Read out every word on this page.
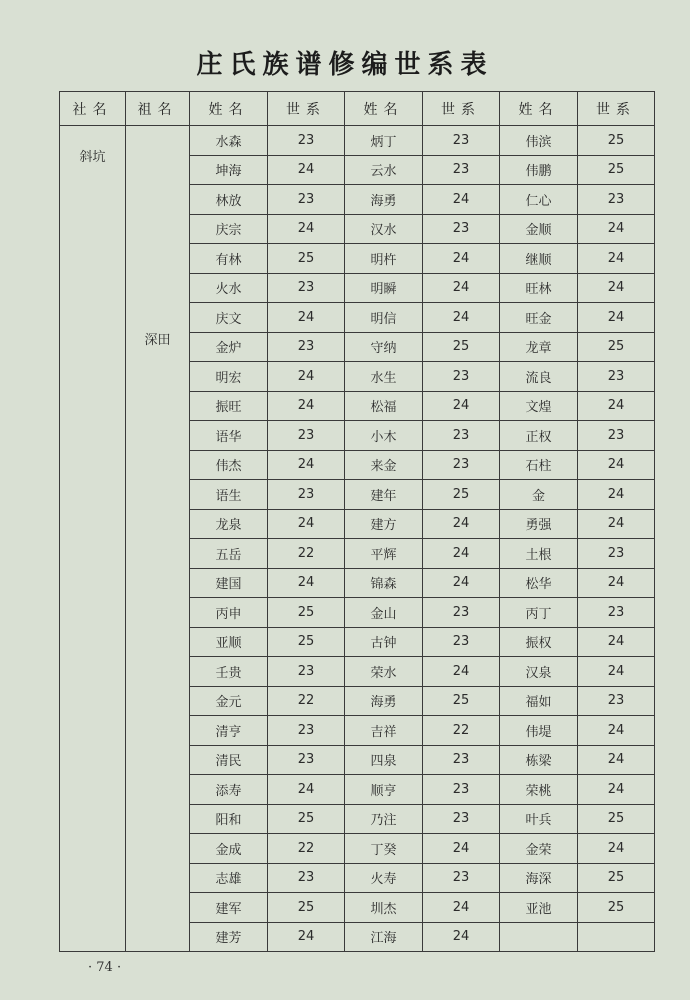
庄氏族谱修编世系表
社名	祖名	姓名	世系	姓名	世系	姓名	世系
斜坑	深田	水森	23	炳丁	23	伟滨	25
		坤海	24	云水	23	伟鹏	25
		林放	23	海勇	24	仁心	23
		庆宗	24	汉水	23	金顺	24
		有林	25	明杵	24	继顺	24
		火水	23	明瞬	24	旺林	24
		庆文	24	明信	24	旺金	24
		金炉	23	守纳	25	龙章	25
		明宏	24	水生	23	流良	23
		振旺	24	松福	24	文煌	24
		语华	23	小木	23	正权	23
		伟杰	24	来金	23	石柱	24
		语生	23	建年	25	金	24
		龙泉	24	建方	24	勇强	24
		五岳	22	平辉	24	土根	23
		建国	24	锦森	24	松华	24
		丙申	25	金山	23	丙丁	23
		亚顺	25	古钟	23	振权	24
		壬贵	23	荣水	24	汉泉	24
		金元	22	海勇	25	福如	23
		清亨	23	吉祥	22	伟堤	24
		清民	23	四泉	23	栋梁	24
		添寿	24	顺亨	23	荣桃	24
		阳和	25	乃注	23	叶兵	25
		金成	22	丁癸	24	金荣	24
		志雄	23	火寿	23	海深	25
		建军	25	圳杰	24	亚池	25
		建芳	24	江海	24		
· 74 ·
